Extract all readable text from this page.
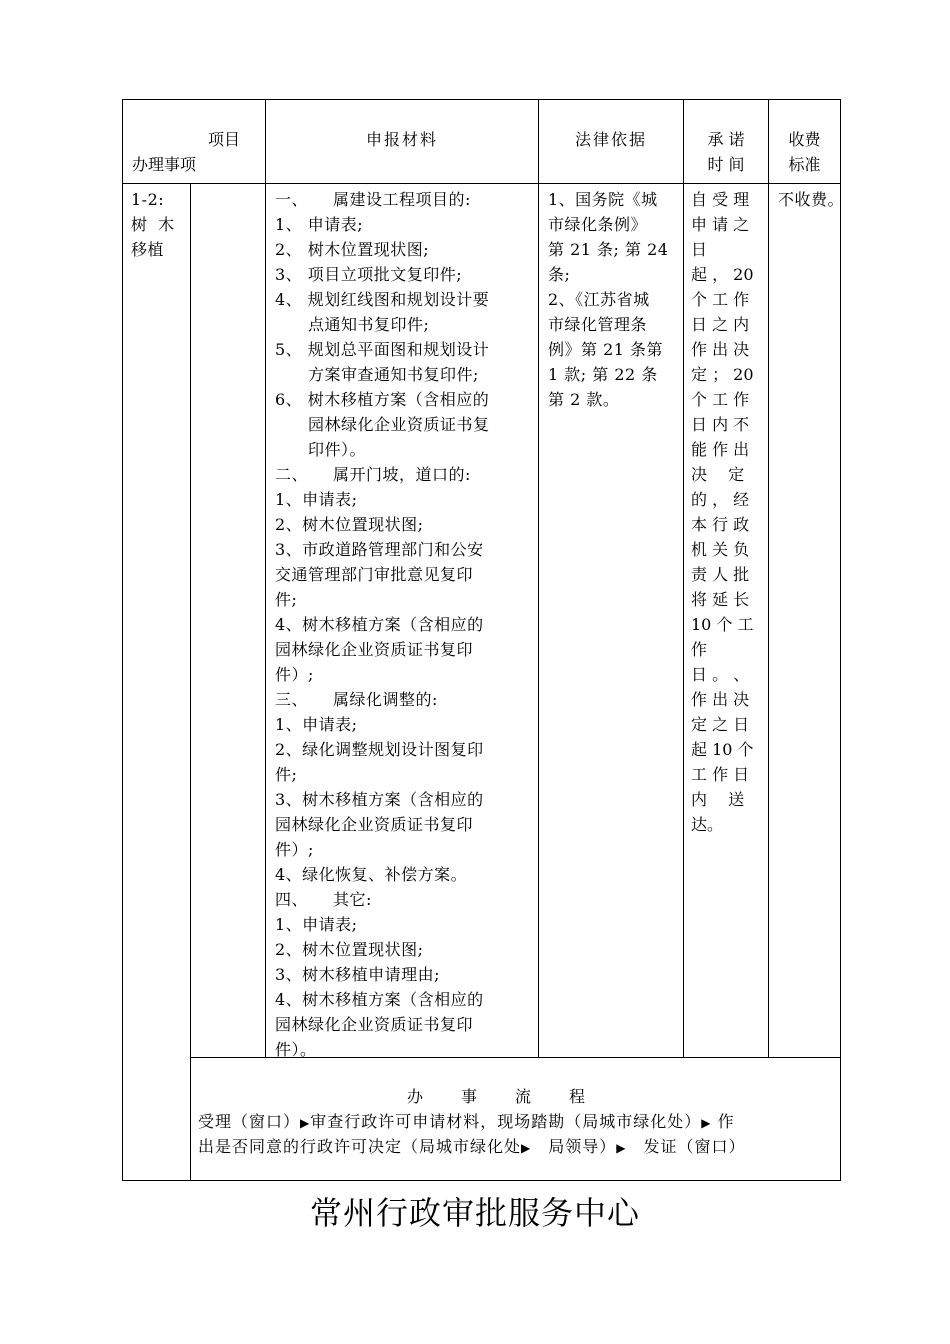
项目
办理事项
申报材料	法律依据	承 诺
时 间
收费
标准
1-2:
树 木
移植
一、　　属建设工程项目的:
1、 申请表;
2、 树木位置现状图;
3、 项目立项批文复印件;
4、 规划红线图和规划设计要
　　点通知书复印件;
5、 规划总平面图和规划设计
　　方案审查通知书复印件;
6、 树木移植方案（含相应的
　　园林绿化企业资质证书复
　　印件）。
二、　　属开门坡，道口的:
1、申请表;
2、树木位置现状图;
3、市政道路管理部门和公安
交通管理部门审批意见复印
件;
4、树木移植方案（含相应的
园林绿化企业资质证书复印
件）;
三、　　属绿化调整的:
1、申请表;
2、绿化调整规划设计图复印
件;
3、树木移植方案（含相应的
园林绿化企业资质证书复印
件）;
4、绿化恢复、补偿方案。
四、　　其它:
1、申请表;
2、树木位置现状图;
3、树木移植申请理由;
4、树木移植方案（含相应的
园林绿化企业资质证书复印
件）。
1、国务院《城
市绿化条例》
第 21 条; 第 24
条;
2、《江苏省城
市绿化管理条
例》第 21 条第
1 款; 第 22 条
第 2 款。
自 受 理
申 请 之
日
起 ， 20
个 工 作
日 之 内
作 出 决
定 ； 20
个 工 作
日 内 不
能 作 出
决　 定
的 ， 经
本 行 政
机 关 负
责 人 批
将 延 长
10 个 工
作
日 。 、
作 出 决
定 之 日
起 10 个
工 作 日
内　 送
达。
不收费。
办事流程
受理（窗口）▶审查行政许可申请材料，现场踏勘（局城市绿化处）▶ 作
出是否同意的行政许可决定（局城市绿化处▶　 局领导）▶　 发证（窗口）
常州行政审批服务中心
